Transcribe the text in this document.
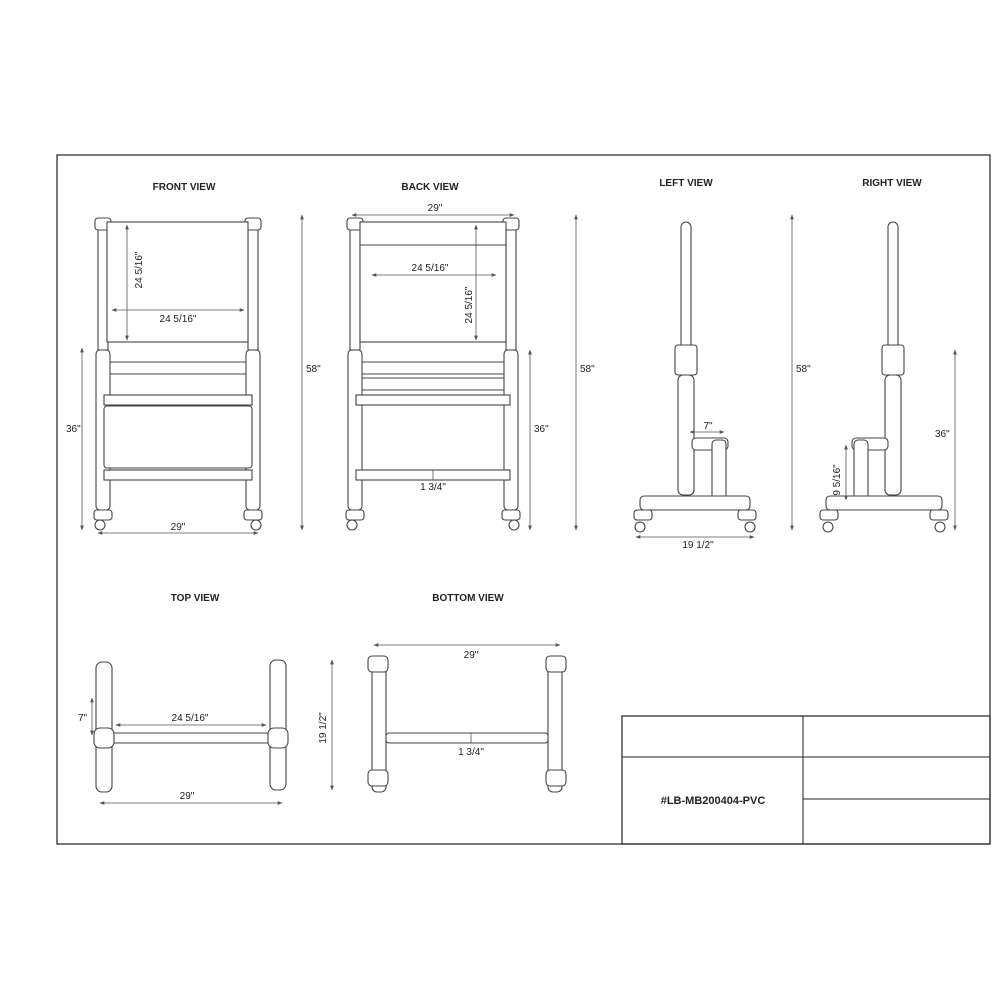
FRONT VIEW
24 5/16"
24 5/16"
58"
36"
29"
BACK VIEW
29"
24 5/16"
24 5/16"
58"
36"
1 3/4"
LEFT VIEW
7"
19 1/2"
RIGHT VIEW
58"
36"
9 5/16"
TOP VIEW
7"	24 5/16"
29"
19 1/2"
BOTTOM VIEW
29"
1 3/4"
#LB-MB200404-PVC
